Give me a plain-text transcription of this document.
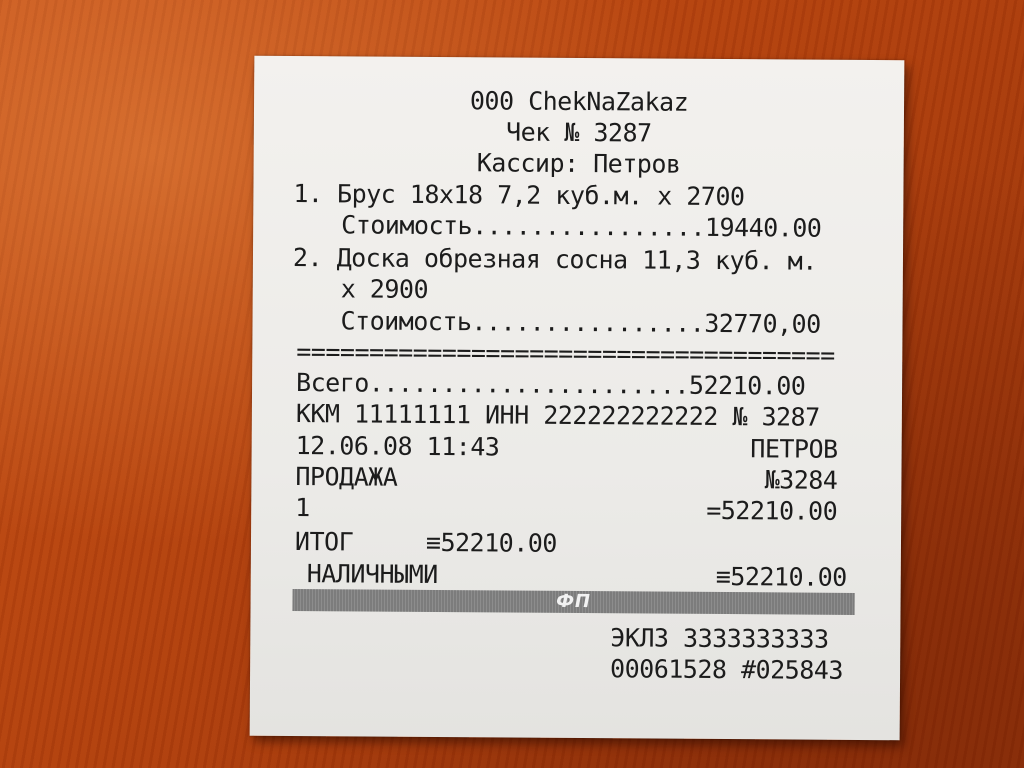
000 ChekNaZakaz
Чек № 3287
Кассир: Петров
1. Брус 18x18 7,2 куб.м. x 2700
Стоимость................19440.00
2. Доска обрезная сосна 11,3 куб. м.
x 2900
Стоимость................32770,00
=====================================
Всего......................52210.00
ККМ 11111111 ИНН 222222222222 № 3287
12.06.08 11:43	ПЕТРОВ
ПРОДАЖА	№3284
1	=52210.00
ИТОГ     ≡52210.00
НАЛИЧНЫМИ	≡52210.00
ФП
ЭКЛЗ 3333333333
00061528 #025843
